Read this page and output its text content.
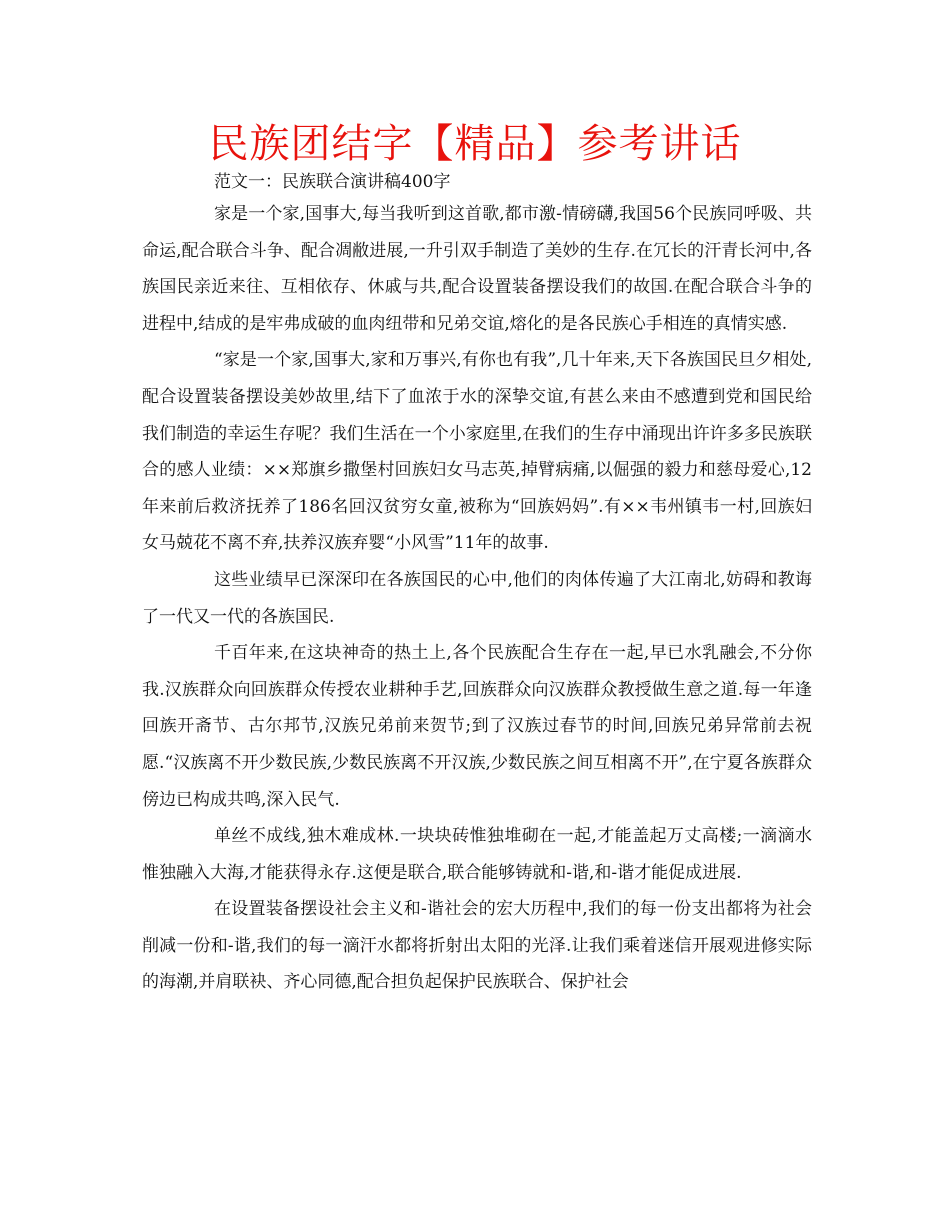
民族团结字【精品】参考讲话
范文一：民族联合演讲稿400字

家是一个家,国事大,每当我听到这首歌,都市激-情磅礴,我国56个民族同呼吸、共命运,配合联合斗争、配合凋敝进展,一升引双手制造了美妙的生存.在冗长的汗青长河中,各族国民亲近来往、互相依存、休戚与共,配合设置装备摆设我们的故国.在配合联合斗争的进程中,结成的是牢弗成破的血肉纽带和兄弟交谊,熔化的是各民族心手相连的真情实感.

“家是一个家,国事大,家和万事兴,有你也有我”,几十年来,天下各族国民旦夕相处,配合设置装备摆设美妙故里,结下了血浓于水的深挚交谊,有甚么来由不感遭到党和国民给我们制造的幸运生存呢？我们生活在一个小家庭里,在我们的生存中涌现出许许多多民族联合的感人业绩：××郑旗乡撒堡村回族妇女马志英,掉臂病痛,以倔强的毅力和慈母爱心,12年来前后救济抚养了186名回汉贫穷女童,被称为“回族妈妈”.有××韦州镇韦一村,回族妇女马兢花不离不弃,扶养汉族弃婴“小风雪”11年的故事.

这些业绩早已深深印在各族国民的心中,他们的肉体传遍了大江南北,妨碍和教诲了一代又一代的各族国民.

千百年来,在这块神奇的热土上,各个民族配合生存在一起,早已水乳融会,不分你我.汉族群众向回族群众传授农业耕种手艺,回族群众向汉族群众教授做生意之道.每一年逢回族开斋节、古尔邦节,汉族兄弟前来贺节;到了汉族过春节的时间,回族兄弟异常前去祝愿.“汉族离不开少数民族,少数民族离不开汉族,少数民族之间互相离不开”,在宁夏各族群众傍边已构成共鸣,深入民气.

单丝不成线,独木难成林.一块块砖惟独堆砌在一起,才能盖起万丈高楼;一滴滴水惟独融入大海,才能获得永存.这便是联合,联合能够铸就和-谐,和-谐才能促成进展.

在设置装备摆设社会主义和-谐社会的宏大历程中,我们的每一份支出都将为社会削减一份和-谐,我们的每一滴汗水都将折射出太阳的光泽.让我们乘着迷信开展观进修实际的海潮,并肩联袂、齐心同德,配合担负起保护民族联合、保护社会
